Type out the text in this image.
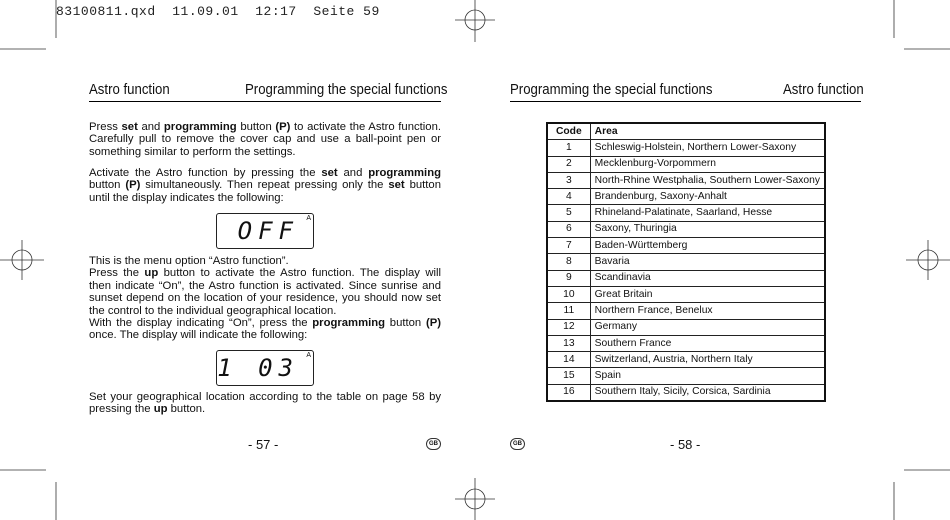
83100811.qxd  11.09.01  12:17  Seite 59
Astro function	Programming the special functions
Press set and programming button (P) to activate the Astro function. Carefully pull to remove the cover cap and use a ball-point pen or something similar to perform the settings.
Activate the Astro function by pressing the set and programming button (P) simultaneously. Then repeat pressing only the set button until the display indicates the following:
OFF A
This is the menu option “Astro function”.
Press the up button to activate the Astro function. The display will then indicate “On”, the Astro function is activated. Since sunrise and sunset depend on the location of your residence, you should now set the control to the individual geographical location.
With the display indicating “On”, press the programming button (P) once. The display will indicate the following:
1 03 A
Set your geographical location according to the table on page 58 by pressing the up button.
- 57 -	GB
Programming the special functions	Astro function
Code	Area
1	Schleswig-Holstein, Northern Lower-Saxony
2	Mecklenburg-Vorpommern
3	North-Rhine Westphalia, Southern Lower-Saxony
4	Brandenburg, Saxony-Anhalt
5	Rhineland-Palatinate, Saarland, Hesse
6	Saxony, Thuringia
7	Baden-Württemberg
8	Bavaria
9	Scandinavia
10	Great Britain
11	Northern France, Benelux
12	Germany
13	Southern France
14	Switzerland, Austria, Northern Italy
15	Spain
16	Southern Italy, Sicily, Corsica, Sardinia
GB	- 58 -
